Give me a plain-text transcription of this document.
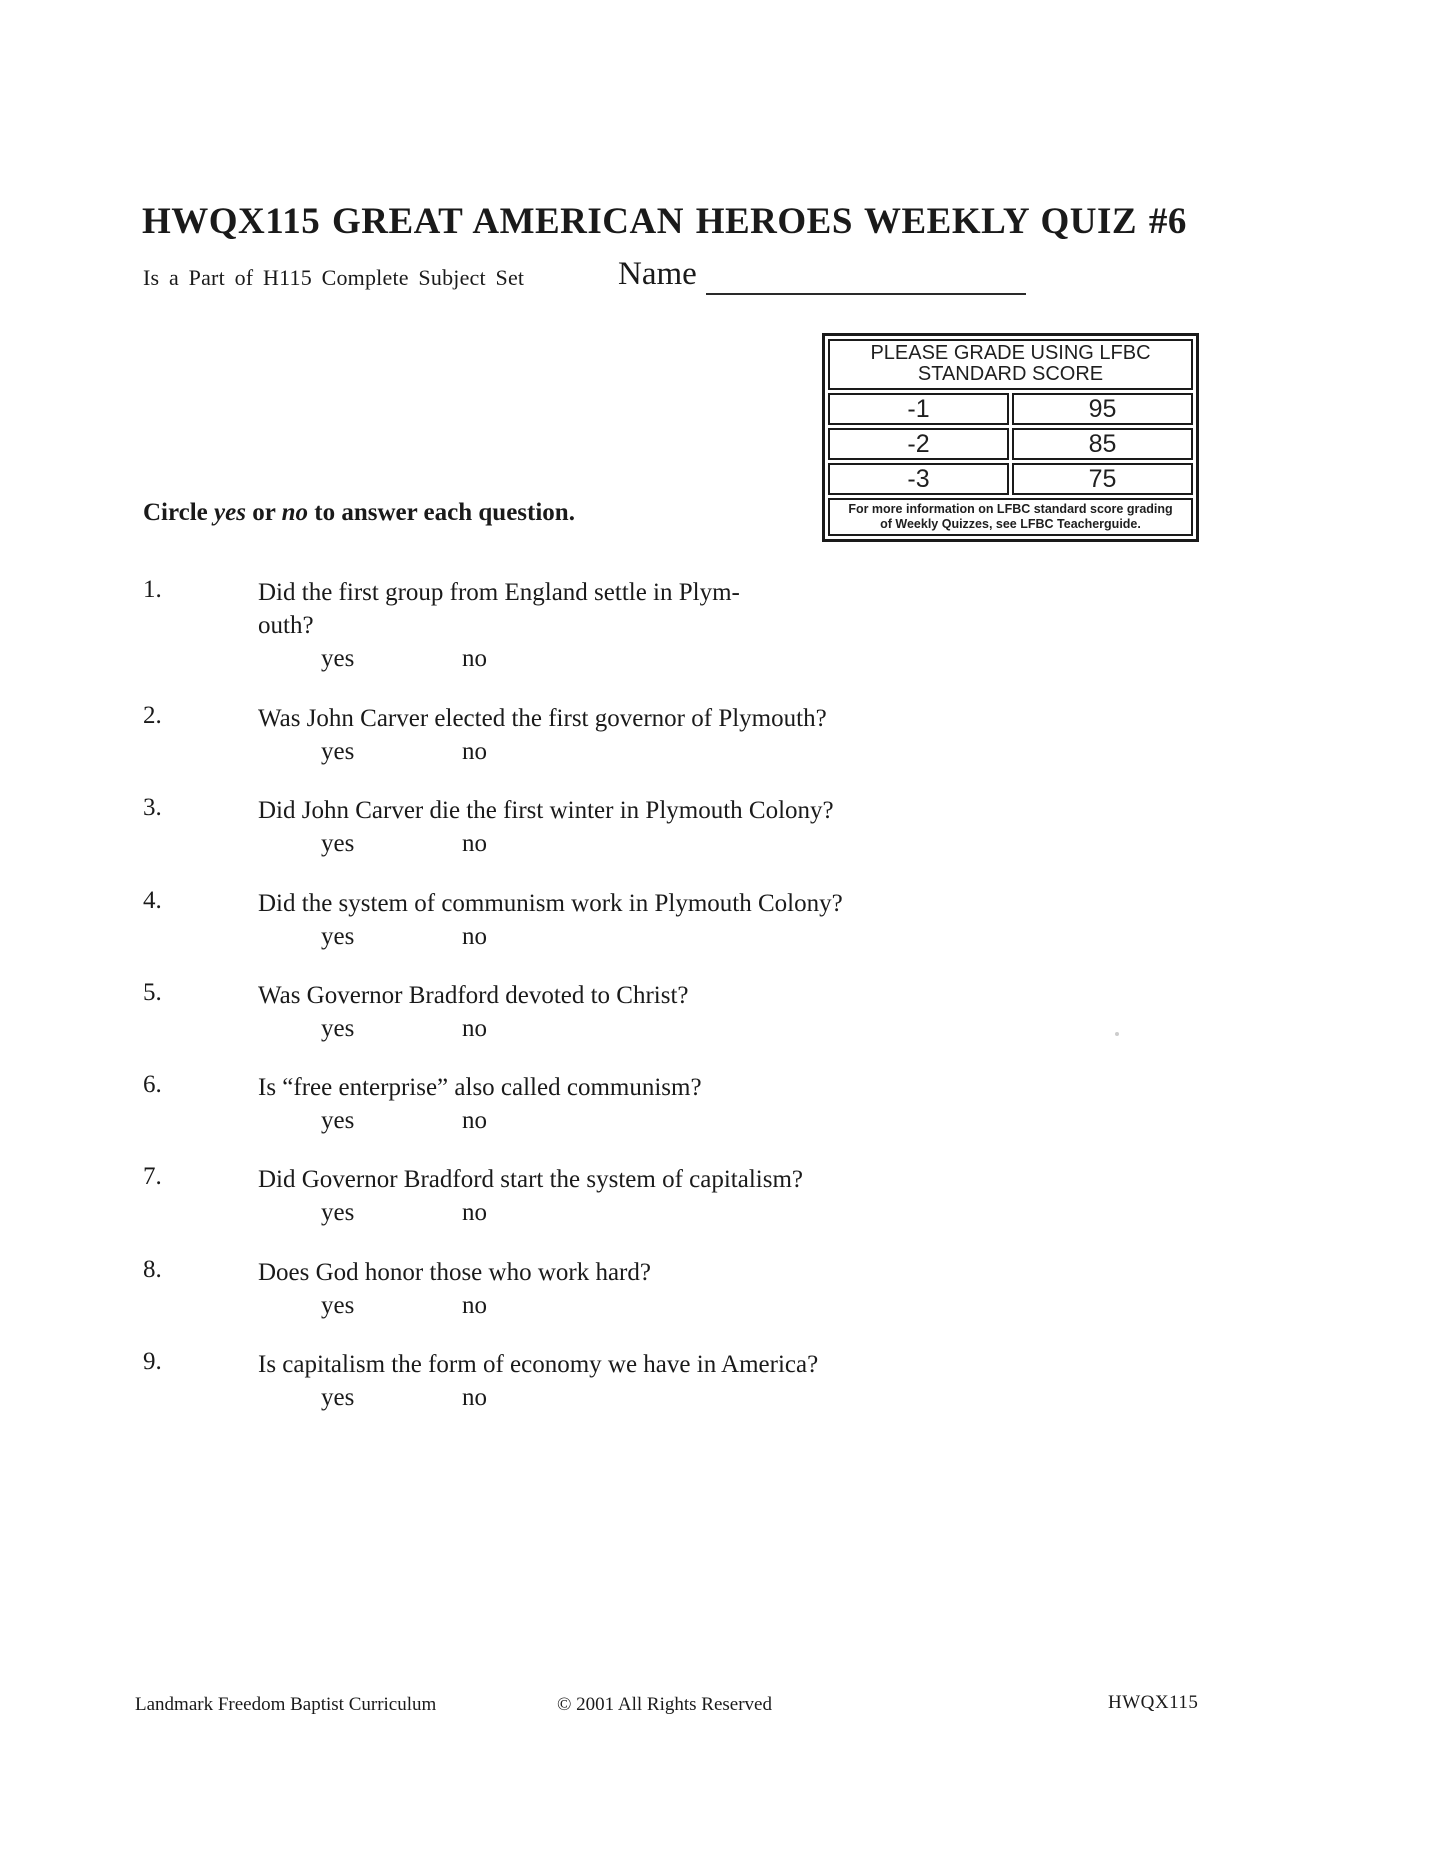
HWQX115 GREAT AMERICAN HEROES WEEKLY QUIZ #6
Is a Part of H115 Complete Subject Set	Name
PLEASE GRADE USING LFBC
STANDARD SCORE	

-1	95
-2	85
-3	75

For more information on LFBC standard score grading
of Weekly Quizzes, see LFBC Teacherguide.	
Circle yes or no to answer each question.
1.	Did the first group from England settle in Plym-
outh?
yes	no
2.	Was John Carver elected the first governor of Plymouth?
yes	no
3.	Did John Carver die the first winter in Plymouth Colony?
yes	no
4.	Did the system of communism work in Plymouth Colony?
yes	no
5.	Was Governor Bradford devoted to Christ?
yes	no
6.	Is “free enterprise” also called communism?
yes	no
7.	Did Governor Bradford start the system of capitalism?
yes	no
8.	Does God honor those who work hard?
yes	no
9.	Is capitalism the form of economy we have in America?
yes	no
Landmark Freedom Baptist Curriculum	© 2001 All Rights Reserved	HWQX115
